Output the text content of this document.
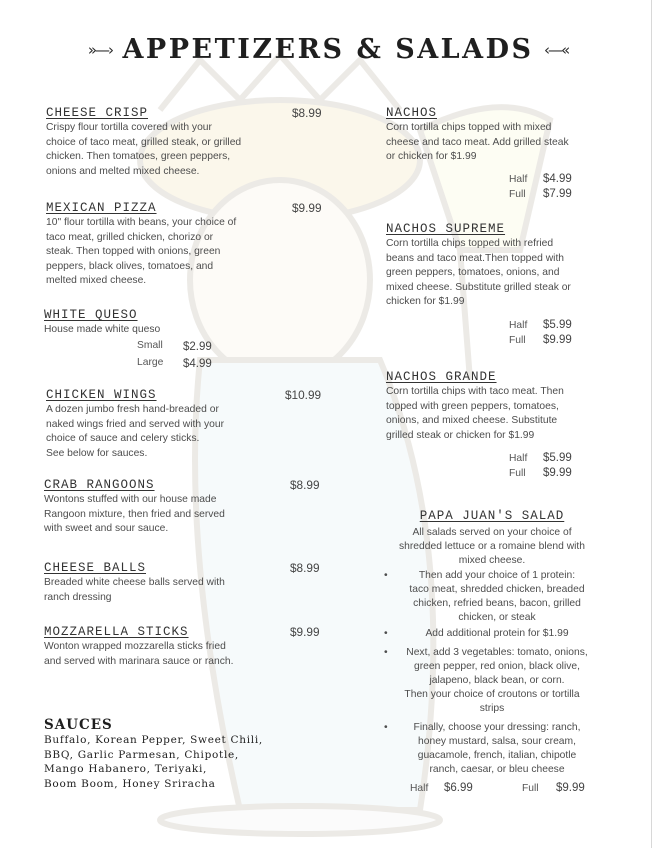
»—› APPETIZERS & SALADS ‹—«
CHEESE CRISP
Crispy flour tortilla covered with your
choice of taco meat, grilled steak, or grilled
chicken. Then tomatoes, green peppers,
onions and melted mixed cheese.
$8.99
MEXICAN PIZZA
10" flour tortilla with beans, your choice of
taco meat, grilled chicken, chorizo or
steak. Then topped with onions, green
peppers, black olives, tomatoes, and
melted mixed cheese.
$9.99
WHITE QUESO
House made white queso
Small $2.99
Large $4.99
CHICKEN WINGS
A dozen jumbo fresh hand-breaded or
naked wings fried and served with your
choice of sauce and celery sticks.
See below for sauces.
$10.99
CRAB RANGOONS
Wontons stuffed with our house made
Rangoon mixture, then fried and served
with sweet and sour sauce.
$8.99
CHEESE BALLS
Breaded white cheese balls served with
ranch dressing
$8.99
MOZZARELLA STICKS
Wonton wrapped mozzarella sticks fried
and served with marinara sauce or ranch.
$9.99
SAUCES
Buffalo, Korean Pepper, Sweet Chili,
BBQ, Garlic Parmesan, Chipotle,
Mango Habanero, Teriyaki,
Boom Boom, Honey Sriracha
NACHOS
Corn tortilla chips topped with mixed
cheese and taco meat. Add grilled steak
or chicken for $1.99
Half $4.99
Full $7.99
NACHOS SUPREME
Corn tortilla chips topped with refried
beans and taco meat.Then topped with
green peppers, tomatoes, onions, and
mixed cheese. Substitute grilled steak or
chicken for $1.99
Half $5.99
Full $9.99
NACHOS GRANDE
Corn tortilla chips with taco meat. Then
topped with green peppers, tomatoes,
onions, and mixed cheese. Substitute
grilled steak or chicken for $1.99
Half $5.99
Full $9.99
PAPA JUAN'S SALAD
All salads served on your choice of
shredded lettuce or a romaine blend with
mixed cheese.
•	Then add your choice of 1 protein:
taco meat, shredded chicken, breaded
chicken, refried beans, bacon, grilled
chicken, or steak
•	Add additional protein for $1.99
•	Next, add 3 vegetables: tomato, onions,
green pepper, red onion, black olive,
jalapeno, black bean, or corn.
Then your choice of croutons or tortilla
strips
•	Finally, choose your dressing: ranch,
honey mustard, salsa, sour cream,
guacamole, french, italian, chipotle
ranch, caesar, or bleu cheese
Half $6.99	Full $9.99
